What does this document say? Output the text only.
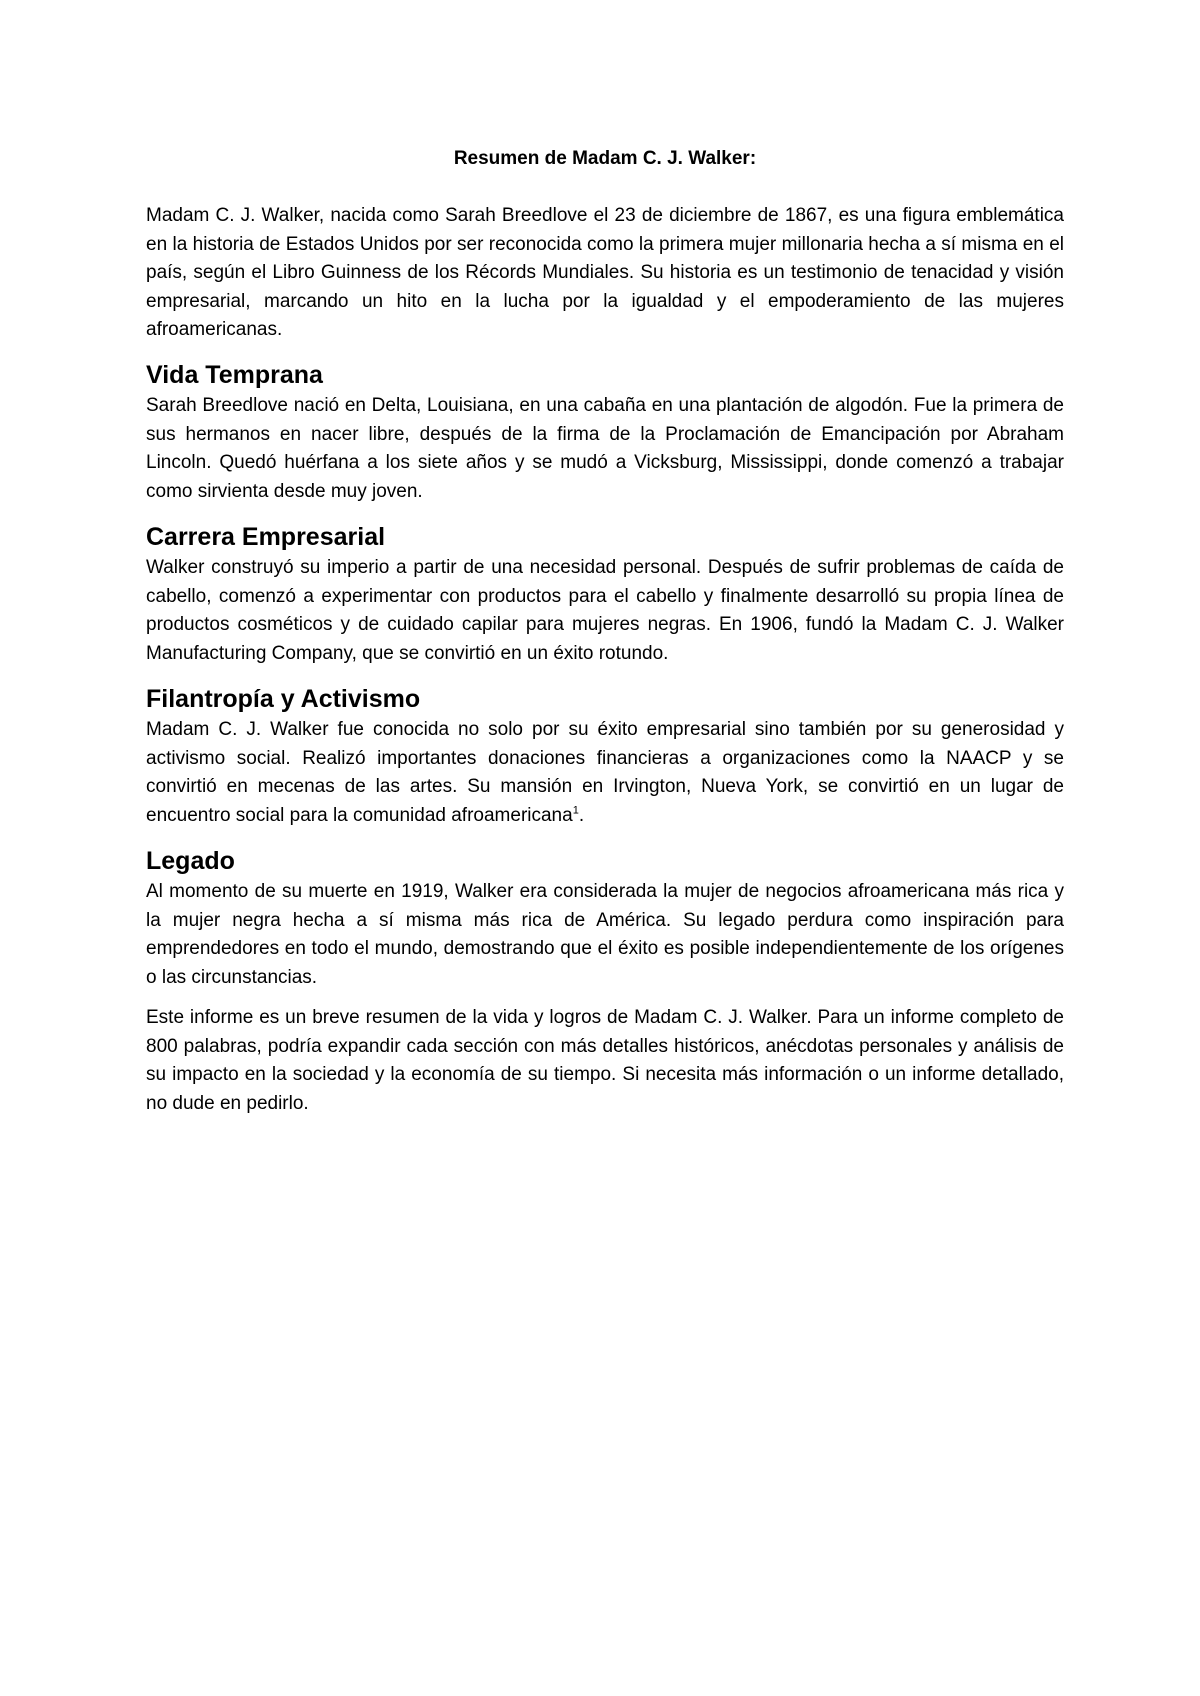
Resumen de Madam C. J. Walker:

Madam C. J. Walker, nacida como Sarah Breedlove el 23 de diciembre de 1867, es una figura emblemática en la historia de Estados Unidos por ser reconocida como la primera mujer millonaria hecha a sí misma en el país, según el Libro Guinness de los Récords Mundiales. Su historia es un testimonio de tenacidad y visión empresarial, marcando un hito en la lucha por la igualdad y el empoderamiento de las mujeres afroamericanas.

Vida Temprana

Sarah Breedlove nació en Delta, Louisiana, en una cabaña en una plantación de algodón. Fue la primera de sus hermanos en nacer libre, después de la firma de la Proclamación de Emancipación por Abraham Lincoln. Quedó huérfana a los siete años y se mudó a Vicksburg, Mississippi, donde comenzó a trabajar como sirvienta desde muy joven.

Carrera Empresarial

Walker construyó su imperio a partir de una necesidad personal. Después de sufrir problemas de caída de cabello, comenzó a experimentar con productos para el cabello y finalmente desarrolló su propia línea de productos cosméticos y de cuidado capilar para mujeres negras. En 1906, fundó la Madam C. J. Walker Manufacturing Company, que se convirtió en un éxito rotundo.

Filantropía y Activismo

Madam C. J. Walker fue conocida no solo por su éxito empresarial sino también por su generosidad y activismo social. Realizó importantes donaciones financieras a organizaciones como la NAACP y se convirtió en mecenas de las artes. Su mansión en Irvington, Nueva York, se convirtió en un lugar de encuentro social para la comunidad afroamericana$^1$.

Legado

Al momento de su muerte en 1919, Walker era considerada la mujer de negocios afroamericana más rica y la mujer negra hecha a sí misma más rica de América. Su legado perdura como inspiración para emprendedores en todo el mundo, demostrando que el éxito es posible independientemente de los orígenes o las circunstancias.

Este informe es un breve resumen de la vida y logros de Madam C. J. Walker. Para un informe completo de 800 palabras, podría expandir cada sección con más detalles históricos, anécdotas personales y análisis de su impacto en la sociedad y la economía de su tiempo. Si necesita más información o un informe detallado, no dude en pedirlo.
